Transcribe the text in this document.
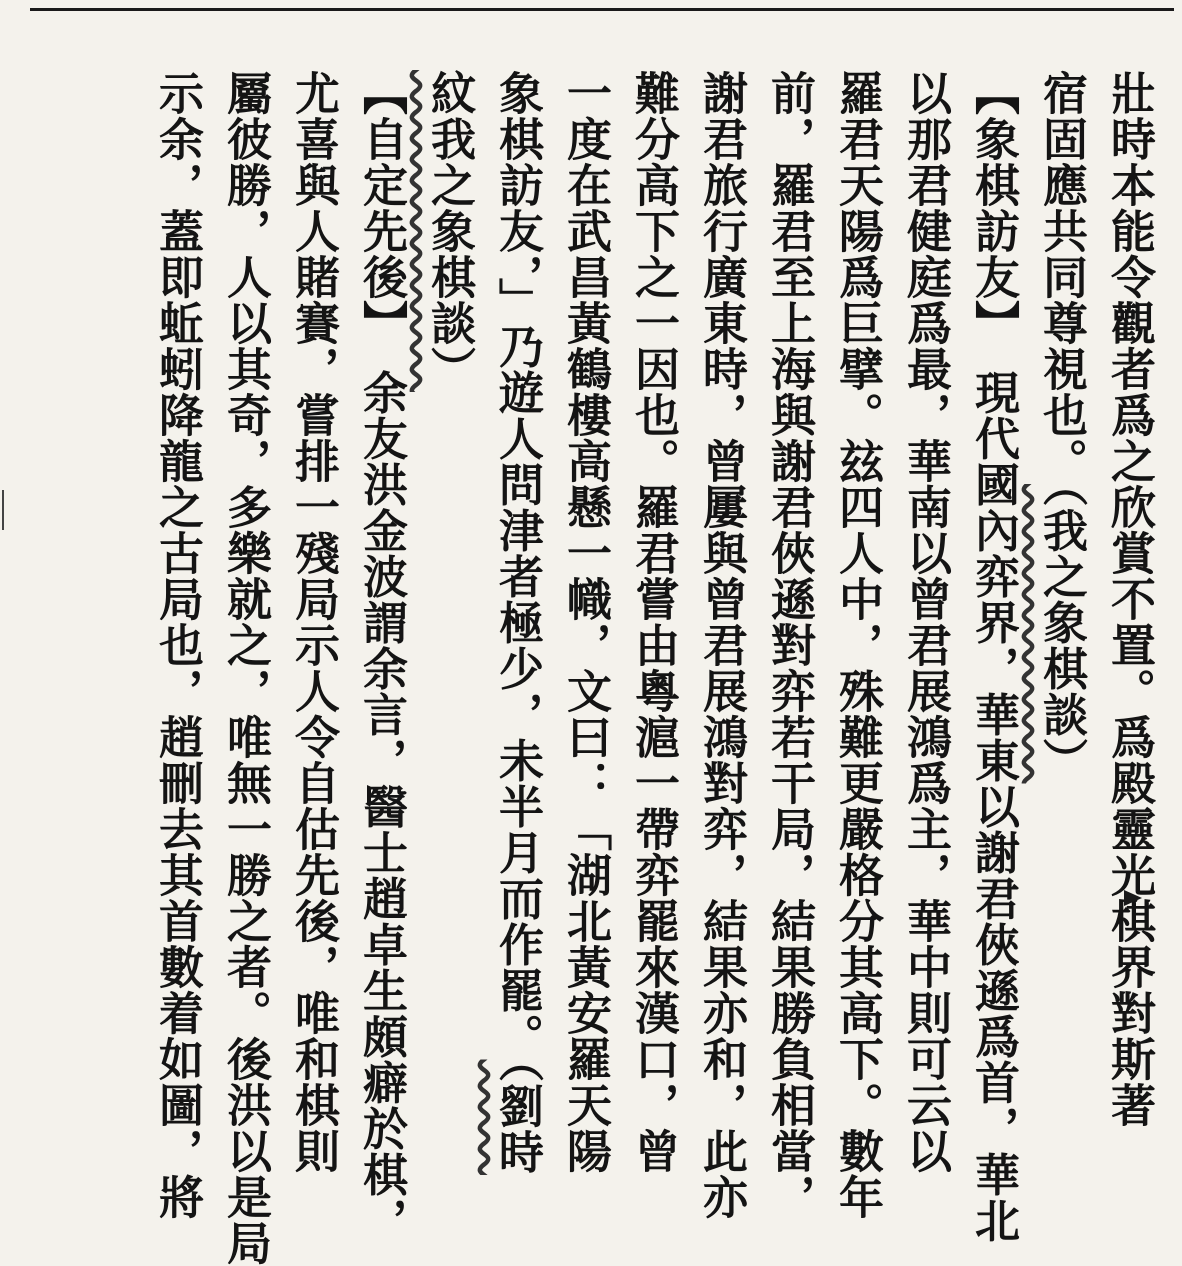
壯時本能令觀者爲之欣賞不置。爲殿靈光棋界對斯著
宿固應共同尊視也。（我之象棋談）
【象棋訪友】　現代國內弈界，華東以謝君俠遜爲首，華北
以那君健庭爲最，華南以曾君展鴻爲主，華中則可云以
羅君天陽爲巨擘。玆四人中，殊難更嚴格分其高下。數年
前，羅君至上海與謝君俠遜對弈若干局，結果勝負相當，
謝君旅行廣東時，曾屢與曾君展鴻對弈，結果亦和，此亦
難分高下之一因也。羅君嘗由粵滬一帶弈罷來漢口，曾
一度在武昌黃鶴樓高懸一幟，文曰：「湖北黃安羅天陽
象棋訪友，」乃遊人問津者極少，未半月而作罷。（劉時
紋我之象棋談）
【自定先後】　余友洪金波謂余言，醫士趙卓生頗癖於棋，
尤喜與人賭賽，嘗排一殘局示人令自估先後，唯和棋則
屬彼勝，人以其奇，多樂就之，唯無一勝之者。後洪以是局
示余，蓋即蚯蚓降龍之古局也，趙刪去其首數着如圖，將
